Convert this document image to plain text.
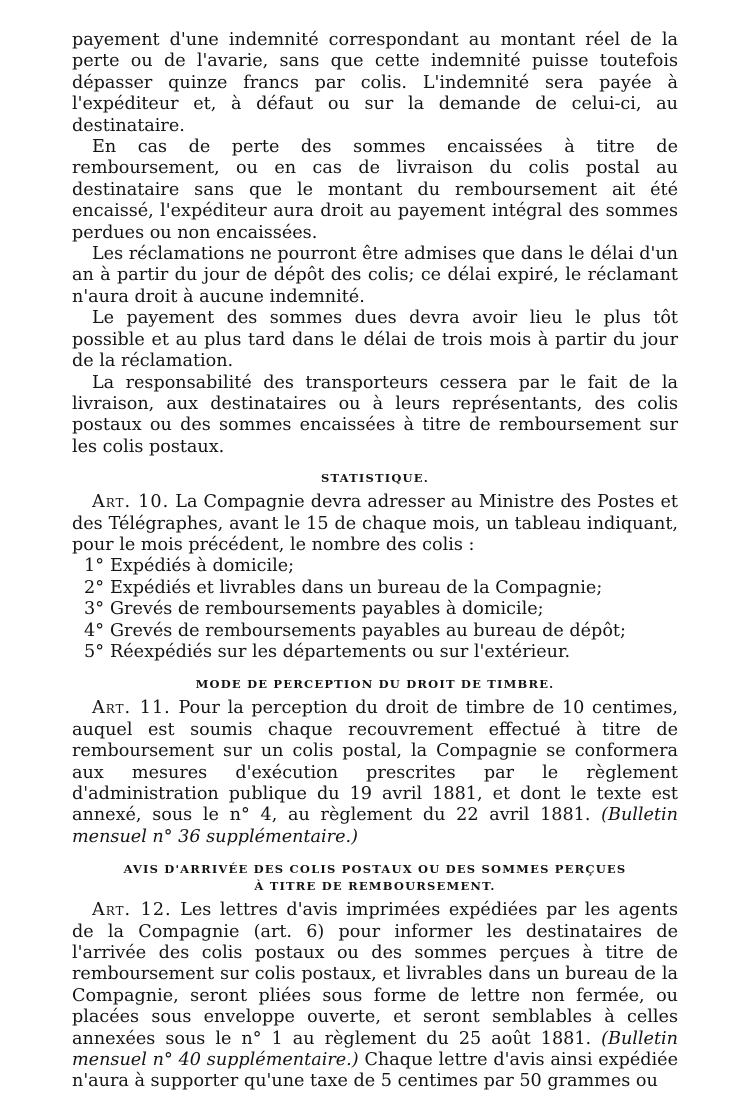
payement d'une indemnité correspondant au montant réel de la perte ou de l'avarie, sans que cette indemnité puisse toutefois dépasser quinze francs par colis. L'indemnité sera payée à l'expéditeur et, à défaut ou sur la demande de celui-ci, au destinataire.

En cas de perte des sommes encaissées à titre de remboursement, ou en cas de livraison du colis postal au destinataire sans que le montant du remboursement ait été encaissé, l'expéditeur aura droit au payement intégral des sommes perdues ou non encaissées.

Les réclamations ne pourront être admises que dans le délai d'un an à partir du jour de dépôt des colis; ce délai expiré, le réclamant n'aura droit à aucune indemnité.

Le payement des sommes dues devra avoir lieu le plus tôt possible et au plus tard dans le délai de trois mois à partir du jour de la réclamation.

La responsabilité des transporteurs cessera par le fait de la livraison, aux destinataires ou à leurs représentants, des colis postaux ou des sommes encaissées à titre de remboursement sur les colis postaux.

STATISTIQUE.

Art. 10. La Compagnie devra adresser au Ministre des Postes et des Télégraphes, avant le 15 de chaque mois, un tableau indiquant, pour le mois précédent, le nombre des colis :

1° Expédiés à domicile;
2° Expédiés et livrables dans un bureau de la Compagnie;
3° Grevés de remboursements payables à domicile;
4° Grevés de remboursements payables au bureau de dépôt;
5° Réexpédiés sur les départements ou sur l'extérieur.
MODE DE PERCEPTION DU DROIT DE TIMBRE.

Art. 11. Pour la perception du droit de timbre de 10 centimes, auquel est soumis chaque recouvrement effectué à titre de remboursement sur un colis postal, la Compagnie se conformera aux mesures d'exécution prescrites par le règlement d'administration publique du 19 avril 1881, et dont le texte est annexé, sous le n° 4, au règlement du 22 avril 1881. (Bulletin mensuel n° 36 supplémentaire.)

AVIS D'ARRIVÉE DES COLIS POSTAUX OU DES SOMMES PERÇUES
À TITRE DE REMBOURSEMENT.

Art. 12. Les lettres d'avis imprimées expédiées par les agents de la Compagnie (art. 6) pour informer les destinataires de l'arrivée des colis postaux ou des sommes perçues à titre de remboursement sur colis postaux, et livrables dans un bureau de la Compagnie, seront pliées sous forme de lettre non fermée, ou placées sous enveloppe ouverte, et seront semblables à celles annexées sous le n° 1 au règlement du 25 août 1881. (Bulletin mensuel n° 40 supplémentaire.) Chaque lettre d'avis ainsi expédiée n'aura à supporter qu'une taxe de 5 centimes par 50 grammes ou
